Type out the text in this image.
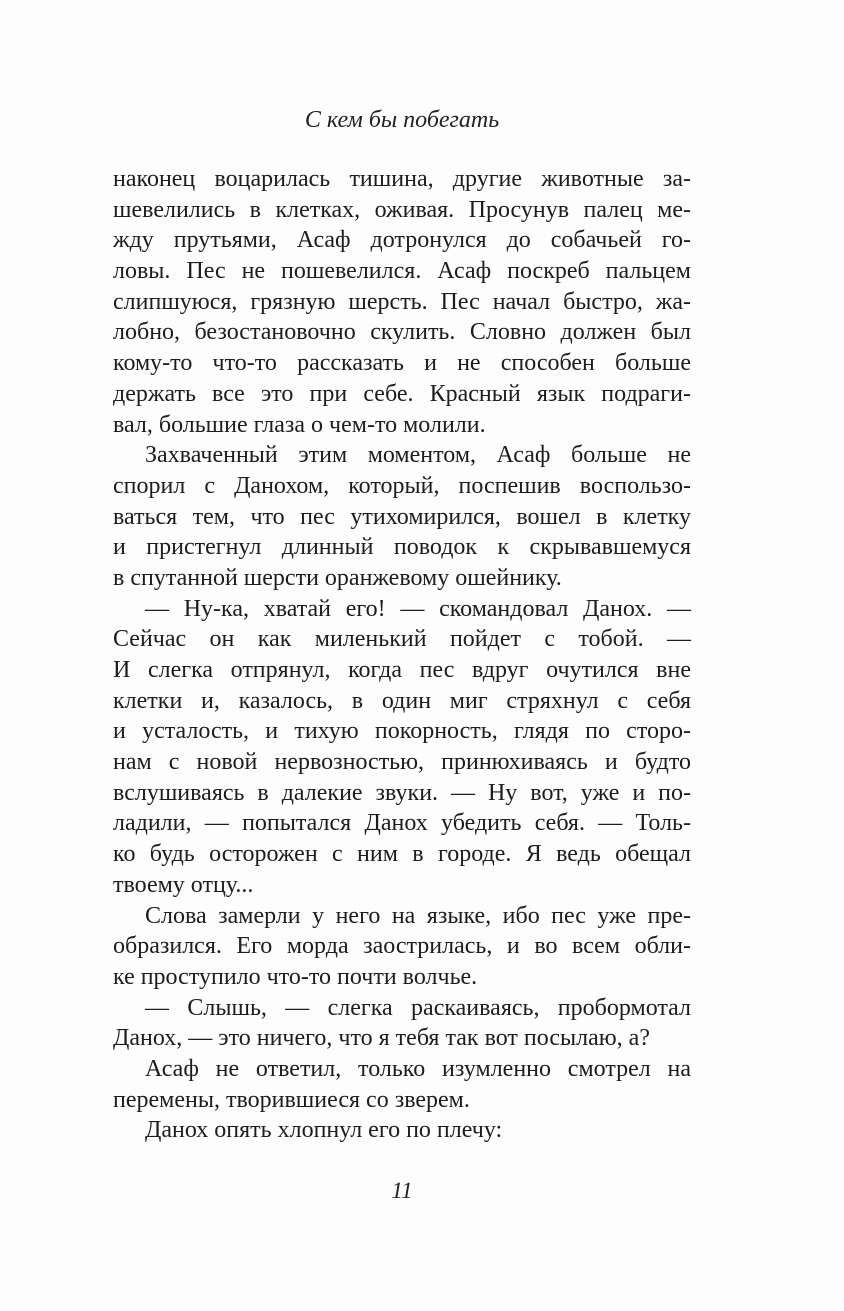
С кем бы побегать
наконец воцарилась тишина, другие животные за-
шевелились в клетках, оживая. Просунув палец ме-
жду прутьями, Асаф дотронулся до собачьей го-
ловы. Пес не пошевелился. Асаф поскреб пальцем
слипшуюся, грязную шерсть. Пес начал быстро, жа-
лобно, безостановочно скулить. Словно должен был
кому-то что-то рассказать и не способен больше
держать все это при себе. Красный язык подраги-
вал, большие глаза о чем-то молили.
Захваченный этим моментом, Асаф больше не
спорил с Данохом, который, поспешив воспользо-
ваться тем, что пес утихомирился, вошел в клетку
и пристегнул длинный поводок к скрывавшемуся
в спутанной шерсти оранжевому ошейнику.
— Ну-ка, хватай его! — скомандовал Данох. —
Сейчас он как миленький пойдет с тобой. —
И слегка отпрянул, когда пес вдруг очутился вне
клетки и, казалось, в один миг стряхнул с себя
и усталость, и тихую покорность, глядя по сторо-
нам с новой нервозностью, принюхиваясь и будто
вслушиваясь в далекие звуки. — Ну вот, уже и по-
ладили, — попытался Данох убедить себя. — Толь-
ко будь осторожен с ним в городе. Я ведь обещал
твоему отцу...
Слова замерли у него на языке, ибо пес уже пре-
образился. Его морда заострилась, и во всем обли-
ке проступило что-то почти волчье.
— Слышь, — слегка раскаиваясь, пробормотал
Данох, — это ничего, что я тебя так вот посылаю, а?
Асаф не ответил, только изумленно смотрел на
перемены, творившиеся со зверем.
Данох опять хлопнул его по плечу:
11
